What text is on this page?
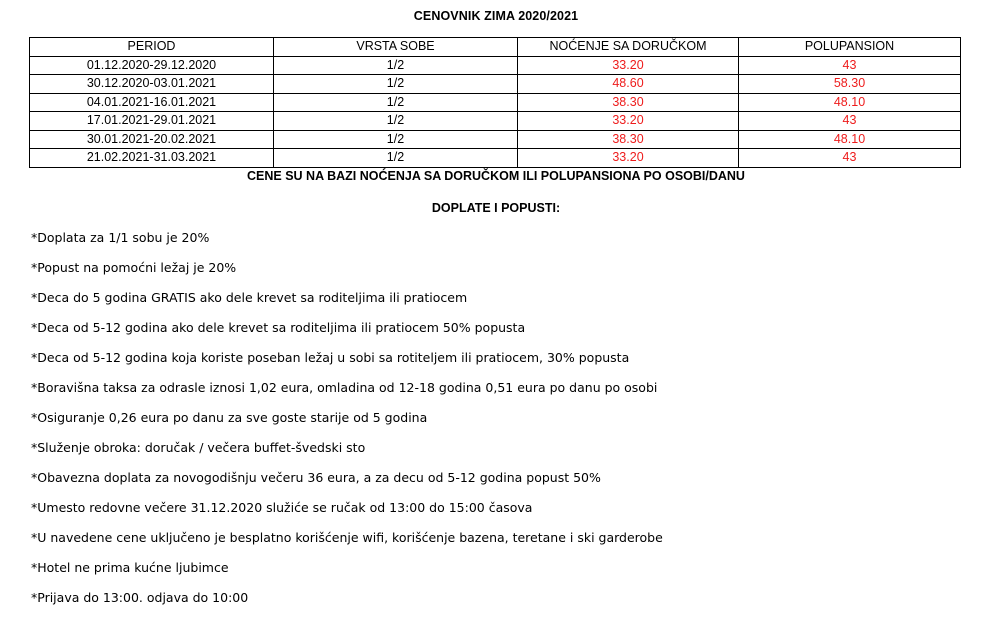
CENOVNIK ZIMA 2020/2021
PERIOD	VRSTA SOBE	NOĆENJE SA DORUČKOM	POLUPANSION
01.12.2020-29.12.2020	1/2	33.20	43
30.12.2020-03.01.2021	1/2	48.60	58.30
04.01.2021-16.01.2021	1/2	38.30	48.10
17.01.2021-29.01.2021	1/2	33.20	43
30.01.2021-20.02.2021	1/2	38.30	48.10
21.02.2021-31.03.2021	1/2	33.20	43
CENE SU NA BAZI NOĆENJA SA DORUČKOM ILI POLUPANSIONA PO OSOBI/DANU
DOPLATE I POPUSTI:
*Doplata za 1/1 sobu je 20%
*Popust na pomoćni ležaj je 20%
*Deca do 5 godina GRATIS ako dele krevet sa roditeljima ili pratiocem
*Deca od 5-12 godina ako dele krevet sa roditeljima ili pratiocem 50% popusta
*Deca od 5-12 godina koja koriste poseban ležaj u sobi sa rotiteljem ili pratiocem, 30% popusta
*Boravišna taksa za odrasle iznosi 1,02 eura, omladina od 12-18 godina 0,51 eura po danu po osobi
*Osiguranje 0,26 eura po danu za sve goste starije od 5 godina
*Služenje obroka: doručak / večera buffet-švedski sto
*Obavezna doplata za novogodišnju večeru 36 eura, a za decu od 5-12 godina popust 50%
*Umesto redovne večere 31.12.2020 služiće se ručak od 13:00 do 15:00 časova
*U navedene cene uključeno je besplatno korišćenje wifi, korišćenje bazena, teretane i ski garderobe
*Hotel ne prima kućne ljubimce
*Prijava do 13:00. odjava do 10:00
